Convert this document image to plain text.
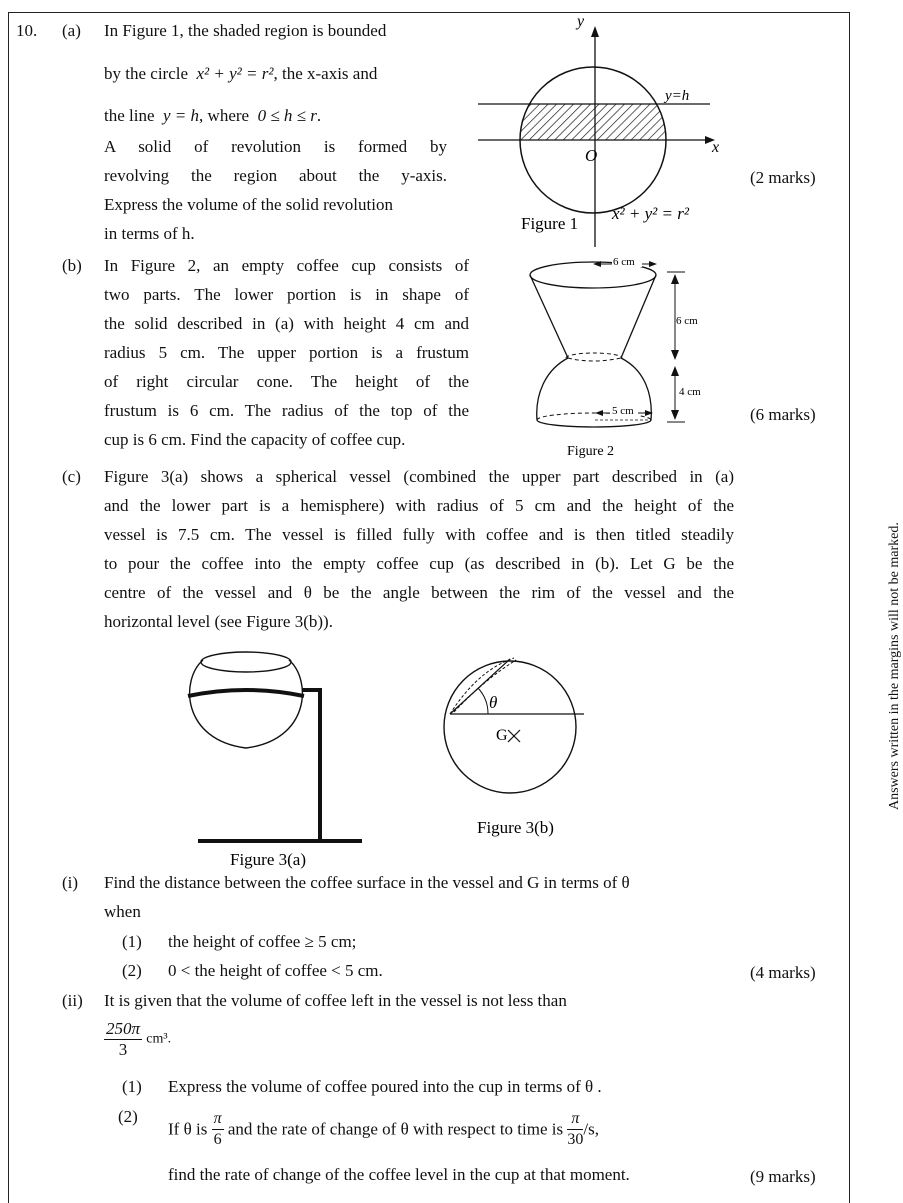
10. (a) In Figure 1, the shaded region is bounded
by the circle x² + y² = r², the x-axis and
the line y = h, where 0 ≤ h ≤ r.
A solid of revolution is formed by
revolving the region about the y-axis.
Express the volume of the solid revolution
in terms of h.
(2 marks)
y
x
O
y=h
x² + y² = r²
Figure 1
(b) In Figure 2, an empty coffee cup consists of
two parts. The lower portion is in shape of
the solid described in (a) with height 4 cm and
radius 5 cm. The upper portion is a frustum
of right circular cone. The height of the
frustum is 6 cm. The radius of the top of the
cup is 6 cm. Find the capacity of coffee cup.
(6 marks)
6 cm
5 cm
6 cm
4 cm
Figure 2
(c) Figure 3(a) shows a spherical vessel (combined the upper part described in (a)
and the lower part is a hemisphere) with radius of 5 cm and the height of the
vessel is 7.5 cm. The vessel is filled fully with coffee and is then titled steadily
to pour the coffee into the empty coffee cup (as described in (b). Let G be the
centre of the vessel and θ be the angle between the rim of the vessel and the
horizontal level (see Figure 3(b)).
Figure 3(a)
θ
G
Figure 3(b)
(i) Find the distance between the coffee surface in the vessel and G in terms of θ
when
(1) the height of coffee ≥ 5 cm;
(2) 0 < the height of coffee < 5 cm.	(4 marks)
(ii) It is given that the volume of coffee left in the vessel is not less than
$\frac{250\pi}{3} cm^3$.
(1) Express the volume of coffee poured into the cup in terms of θ .
(2)
If θ is $\frac{\pi}{6}$ and the rate of change of θ with respect to time is $\frac{\pi}{30} /s$,
find the rate of change of the coffee level in the cup at that moment.	(9 marks)
Answers written in the margins will not be marked.
